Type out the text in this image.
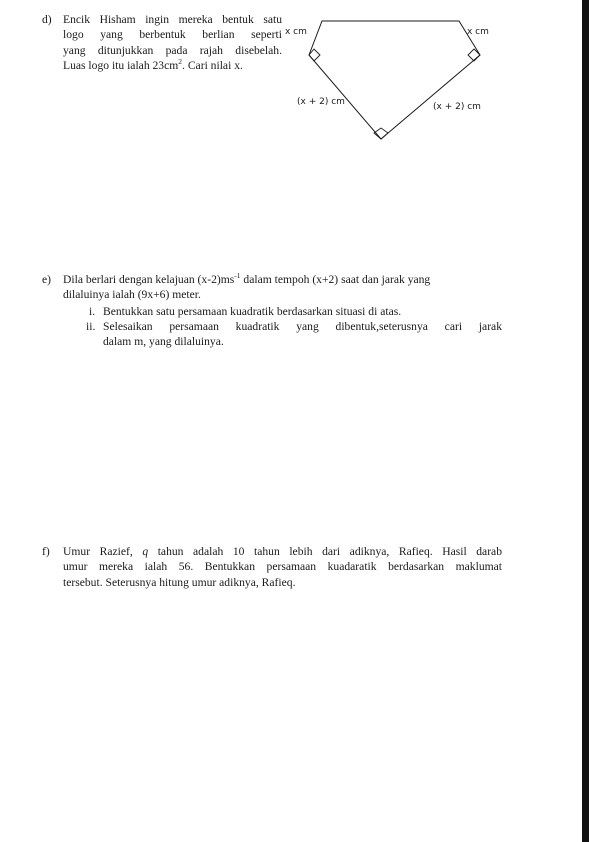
d) Encik Hisham ingin mereka bentuk satu
logo yang berbentuk berlian seperti
yang ditunjukkan pada rajah disebelah.
Luas logo itu ialah $23cm^2$. Cari nilai x.
x cm	x cm
(x + 2) cm	(x + 2) cm
e) Dila berlari dengan kelajuan $(x-2)ms^{-1}$ dalam tempoh (x+2) saat dan jarak yang
dilaluinya ialah (9x+6) meter.
i. Bentukkan satu persamaan kuadratik berdasarkan situasi di atas.
ii. Selesaikan persamaan kuadratik yang dibentuk,seterusnya cari jarak
dalam m, yang dilaluinya.
f) Umur Razief, q tahun adalah 10 tahun lebih dari adiknya, Rafieq. Hasil darab
umur mereka ialah 56. Bentukkan persamaan kuadaratik berdasarkan maklumat
tersebut. Seterusnya hitung umur adiknya, Rafieq.
